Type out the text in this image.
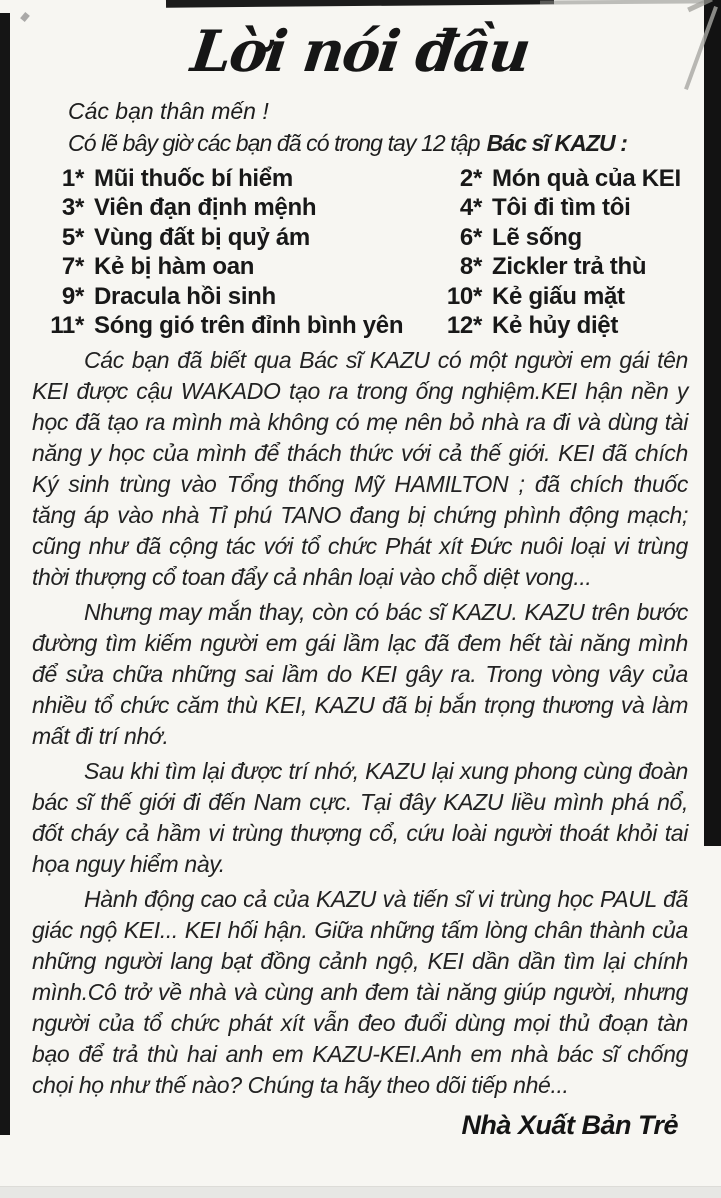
Lời nói đầu

Các bạn thân mến !

Có lẽ bây giờ các bạn đã có trong tay 12 tập Bác sĩ KAZU :

1* Mũi thuốc bí hiểm	2* Món quà của KEI
3* Viên đạn định mệnh	4* Tôi đi tìm tôi
5* Vùng đất bị quỷ ám	6* Lẽ sống
7* Kẻ bị hàm oan	8* Zickler trả thù
9* Dracula hồi sinh	10* Kẻ giấu mặt
11* Sóng gió trên đỉnh bình yên	12* Kẻ hủy diệt

Các bạn đã biết qua Bác sĩ KAZU có một người em gái tên KEI được cậu WAKADO tạo ra trong ống nghiệm.KEI hận nền y học đã tạo ra mình mà không có mẹ nên bỏ nhà ra đi và dùng tài năng y học của mình để thách thức với cả thế giới. KEI đã chích Ký sinh trùng vào Tổng thống Mỹ HAMILTON ; đã chích thuốc tăng áp vào nhà Tỉ phú TANO đang bị chứng phình động mạch; cũng như đã cộng tác với tổ chức Phát xít Đức nuôi loại vi trùng thời thượng cổ toan đẩy cả nhân loại vào chỗ diệt vong...

Nhưng may mắn thay, còn có bác sĩ KAZU. KAZU trên bước đường tìm kiếm người em gái lầm lạc đã đem hết tài năng mình để sửa chữa những sai lầm do KEI gây ra. Trong vòng vây của nhiều tổ chức căm thù KEI, KAZU đã bị bắn trọng thương và làm mất đi trí nhớ.

Sau khi tìm lại được trí nhớ, KAZU lại xung phong cùng đoàn bác sĩ thế giới đi đến Nam cực. Tại đây KAZU liều mình phá nổ, đốt cháy cả hầm vi trùng thượng cổ, cứu loài người thoát khỏi tai họa nguy hiểm này.

Hành động cao cả của KAZU và tiến sĩ vi trùng học PAUL đã giác ngộ KEI... KEI hối hận. Giữa những tấm lòng chân thành của những người lang bạt đồng cảnh ngộ, KEI dần dần tìm lại chính mình.Cô trở về nhà và cùng anh đem tài năng giúp người, nhưng người của tổ chức phát xít vẫn đeo đuổi dùng mọi thủ đoạn tàn bạo để trả thù hai anh em KAZU-KEI.Anh em nhà bác sĩ chống chọi họ như thế nào? Chúng ta hãy theo dõi tiếp nhé...

Nhà Xuất Bản Trẻ
